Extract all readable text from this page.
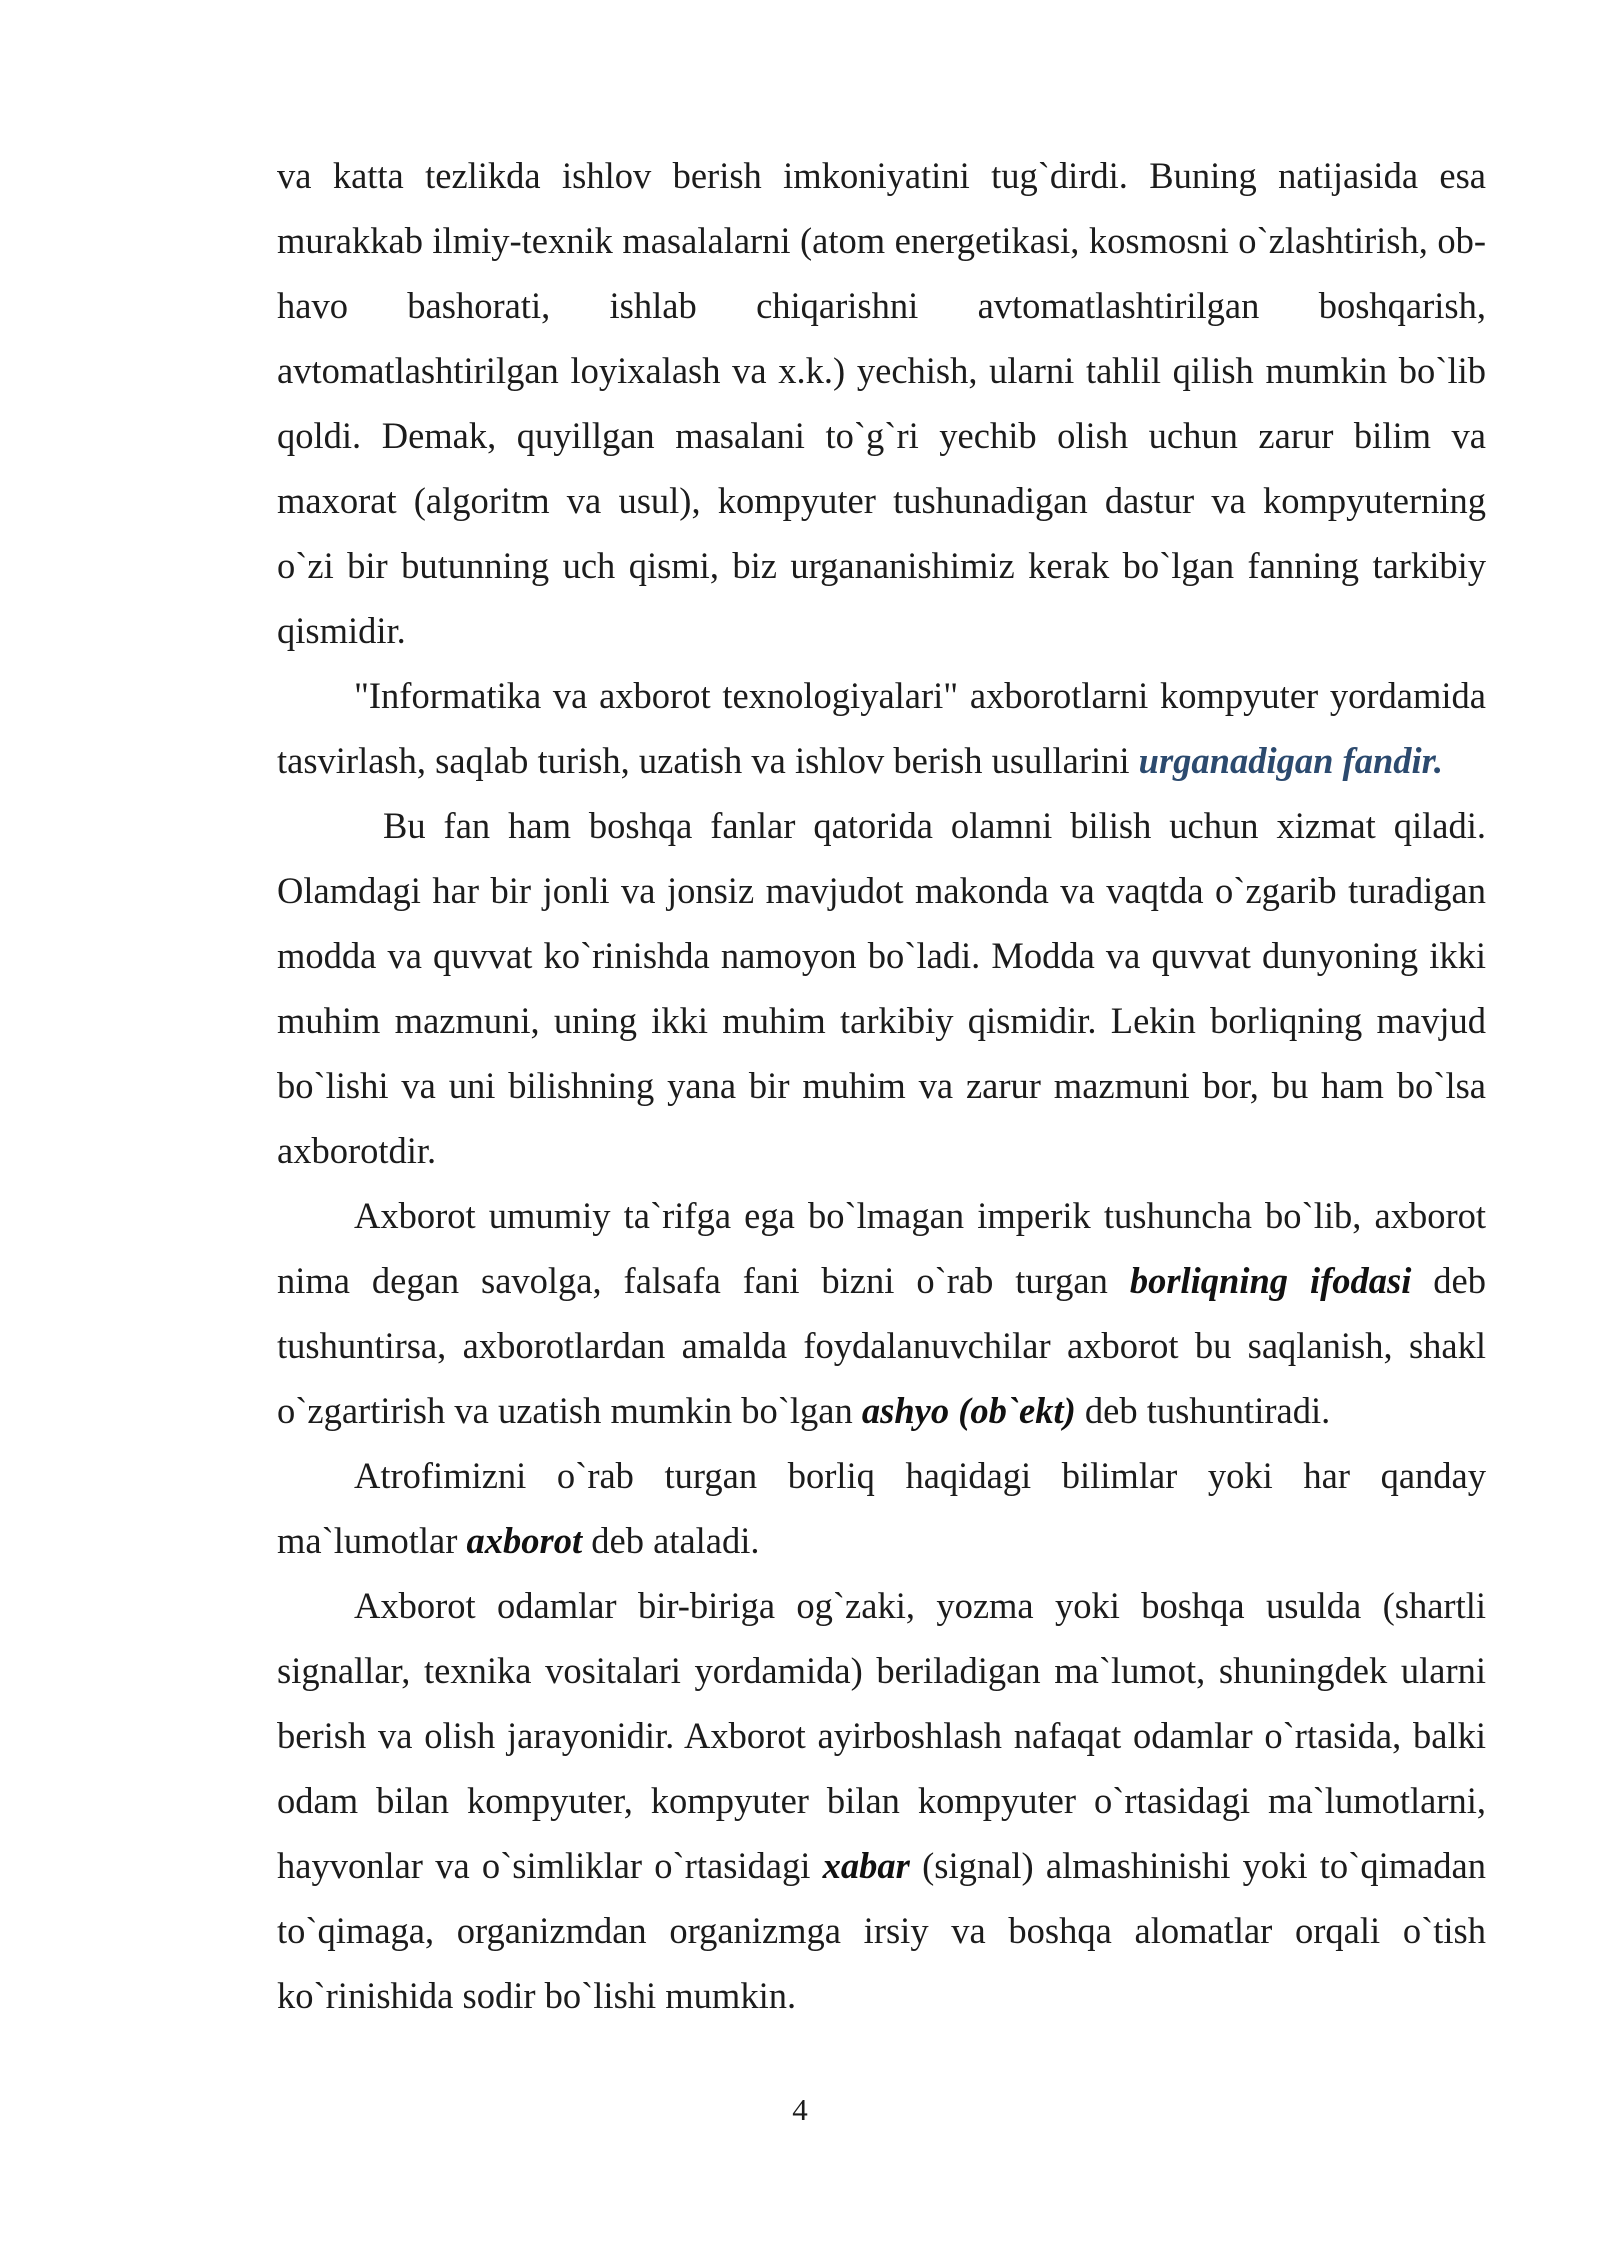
va katta tezlikda ishlov berish imkoniyatini tug`dirdi. Buning natijasida esa murakkab ilmiy-texnik masalalarni (atom energetikasi, kosmosni o`zlashtirish, ob-havo bashorati, ishlab chiqarishni avtomatlashtirilgan boshqarish, avtomatlashtirilgan loyixalash va x.k.) yechish, ularni tahlil qilish mumkin bo`lib qoldi. Demak, quyillgan masalani to`g`ri yechib olish uchun zarur bilim va maxorat (algoritm va usul), kompyuter tushunadigan dastur va kompyuterning o`zi bir butunning uch qismi, biz urgananishimiz kerak bo`lgan fanning tarkibiy qismidir.

"Informatika va axborot texnologiyalari" axborotlarni kompyuter yordamida tasvirlash, saqlab turish, uzatish va ishlov berish usullarini urganadigan fandir.

Bu fan ham boshqa fanlar qatorida olamni bilish uchun xizmat qiladi. Olamdagi har bir jonli va jonsiz mavjudot makonda va vaqtda o`zgarib turadigan modda va quvvat ko`rinishda namoyon bo`ladi. Modda va quvvat dunyoning ikki muhim mazmuni, uning ikki muhim tarkibiy qismidir. Lekin borliqning mavjud bo`lishi va uni bilishning yana bir muhim va zarur mazmuni bor, bu ham bo`lsa axborotdir.

Axborot umumiy ta`rifga ega bo`lmagan imperik tushuncha bo`lib, axborot nima degan savolga, falsafa fani bizni o`rab turgan borliqning ifodasi deb tushuntirsa, axborotlardan amalda foydalanuvchilar axborot bu saqlanish, shakl o`zgartirish va uzatish mumkin bo`lgan ashyo (ob`ekt) deb tushuntiradi.

Atrofimizni o`rab turgan borliq haqidagi bilimlar yoki har qanday ma`lumotlar axborot deb ataladi.

Axborot odamlar bir-biriga og`zaki, yozma yoki boshqa usulda (shartli signallar, texnika vositalari yordamida) beriladigan ma`lumot, shuningdek ularni berish va olish jarayonidir. Axborot ayirboshlash nafaqat odamlar o`rtasida, balki odam bilan kompyuter, kompyuter bilan kompyuter o`rtasidagi ma`lumotlarni, hayvonlar va o`simliklar o`rtasidagi xabar (signal) almashinishi yoki to`qimadan to`qimaga, organizmdan organizmga irsiy va boshqa alomatlar orqali o`tish ko`rinishida sodir bo`lishi mumkin.

4
